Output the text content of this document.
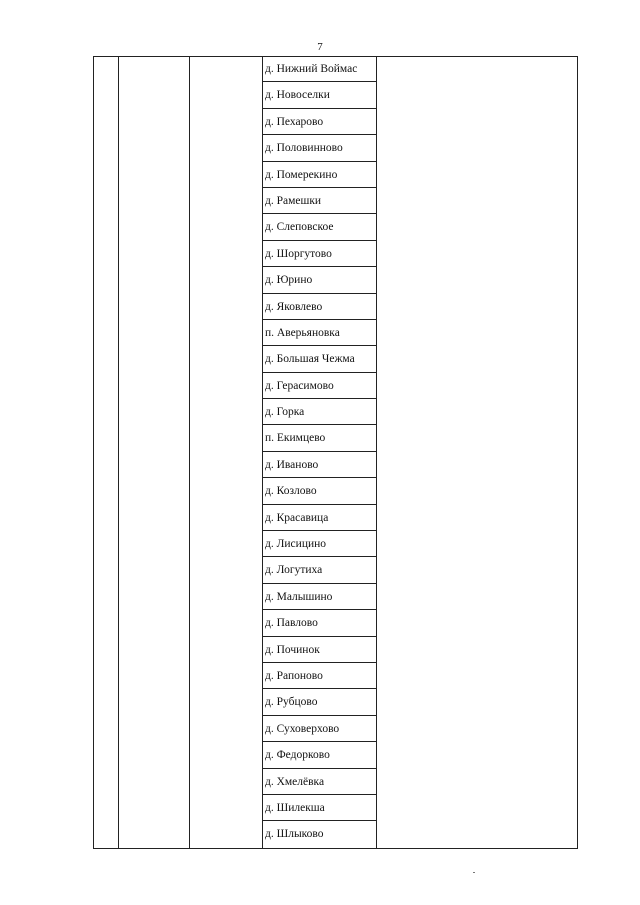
7
д. Нижний Воймас
д. Новоселки
д. Пехарово
д. Половинново
д. Померекино
д. Рамешки
д. Слеповское
д. Шоргутово
д. Юрино
д. Яковлево
п. Аверьяновка
д. Большая Чежма
д. Герасимово
д. Горка
п. Екимцево
д. Иваново
д. Козлово
д. Красавица
д. Лисицино
д. Логутиха
д. Малышино
д. Павлово
д. Починок
д. Рапоново
д. Рубцово
д. Суховерхово
д. Федорково
д. Хмелёвка
д. Шилекша
д. Шлыково
